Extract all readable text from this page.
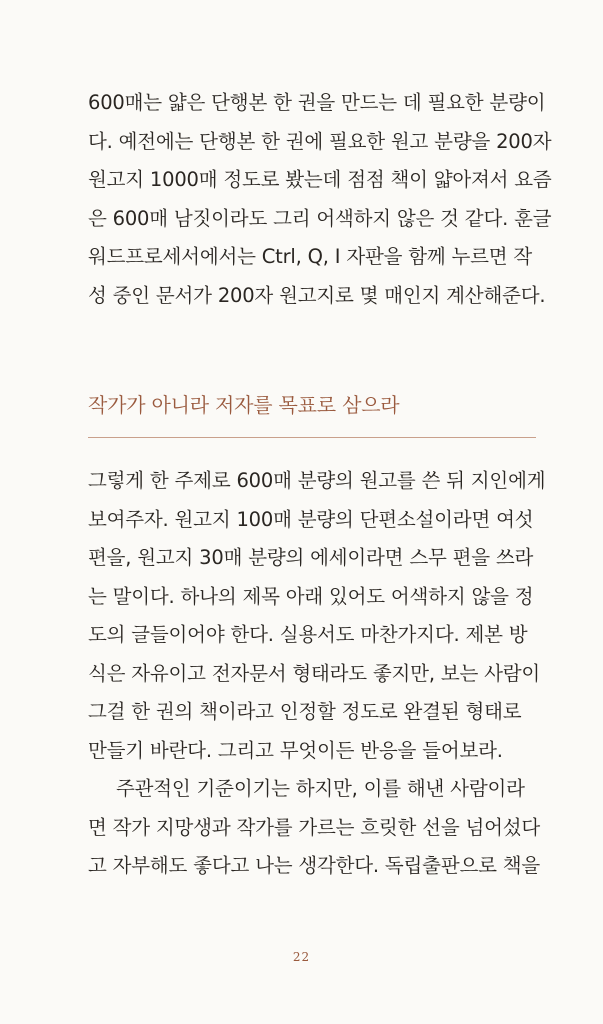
600매는 얇은 단행본 한 권을 만드는 데 필요한 분량이
다. 예전에는 단행본 한 권에 필요한 원고 분량을 200자
원고지 1000매 정도로 봤는데 점점 책이 얇아져서 요즘
은 600매 남짓이라도 그리 어색하지 않은 것 같다. 훈글
워드프로세서에서는 Ctrl, Q, I 자판을 함께 누르면 작
성 중인 문서가 200자 원고지로 몇 매인지 계산해준다.
작가가 아니라 저자를 목표로 삼으라
그렇게 한 주제로 600매 분량의 원고를 쓴 뒤 지인에게
보여주자. 원고지 100매 분량의 단편소설이라면 여섯
편을, 원고지 30매 분량의 에세이라면 스무 편을 쓰라
는 말이다. 하나의 제목 아래 있어도 어색하지 않을 정
도의 글들이어야 한다. 실용서도 마찬가지다. 제본 방
식은 자유이고 전자문서 형태라도 좋지만, 보는 사람이
그걸 한 권의 책이라고 인정할 정도로 완결된 형태로
만들기 바란다. 그리고 무엇이든 반응을 들어보라.
주관적인 기준이기는 하지만, 이를 해낸 사람이라
면 작가 지망생과 작가를 가르는 흐릿한 선을 넘어섰다
고 자부해도 좋다고 나는 생각한다. 독립출판으로 책을
22
